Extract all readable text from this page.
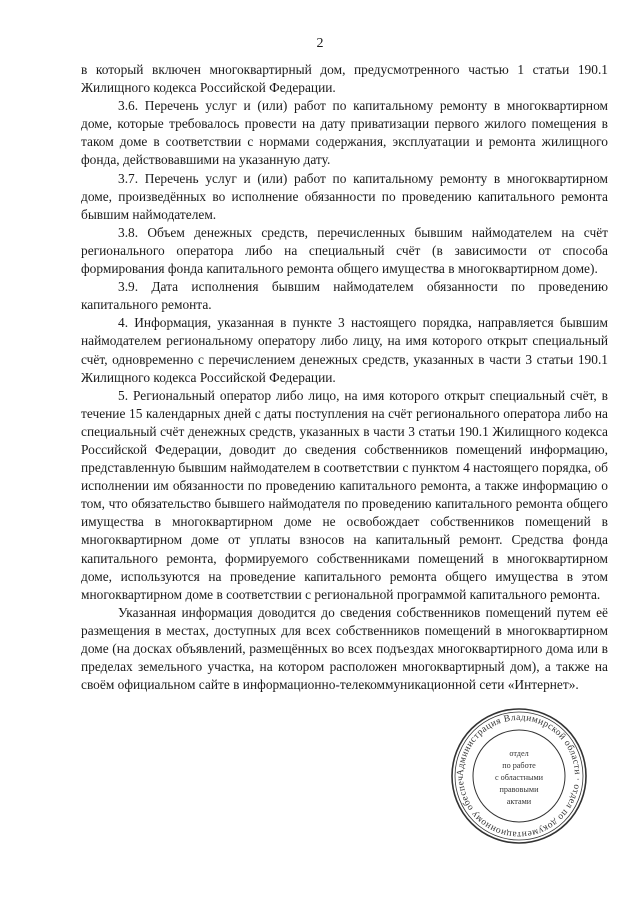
2

в который включен многоквартирный дом, предусмотренного частью 1 статьи 190.1 Жилищного кодекса Российской Федерации.

3.6. Перечень услуг и (или) работ по капитальному ремонту в многоквартирном доме, которые требовалось провести на дату приватизации первого жилого помещения в таком доме в соответствии с нормами содержания, эксплуатации и ремонта жилищного фонда, действовавшими на указанную дату.

3.7. Перечень услуг и (или) работ по капитальному ремонту в многоквартирном доме, произведённых во исполнение обязанности по проведению капитального ремонта бывшим наймодателем.

3.8. Объем денежных средств, перечисленных бывшим наймодателем на счёт регионального оператора либо на специальный счёт (в зависимости от способа формирования фонда капитального ремонта общего имущества в многоквартирном доме).

3.9. Дата исполнения бывшим наймодателем обязанности по проведению капитального ремонта.

4. Информация, указанная в пункте 3 настоящего порядка, направляется бывшим наймодателем региональному оператору либо лицу, на имя которого открыт специальный счёт, одновременно с перечислением денежных средств, указанных в части 3 статьи 190.1 Жилищного кодекса Российской Федерации.

5. Региональный оператор либо лицо, на имя которого открыт специальный счёт, в течение 15 календарных дней с даты поступления на счёт регионального оператора либо на специальный счёт денежных средств, указанных в части 3 статьи 190.1 Жилищного кодекса Российской Федерации, доводит до сведения собственников помещений информацию, представленную бывшим наймодателем в соответствии с пунктом 4 настоящего порядка, об исполнении им обязанности по проведению капитального ремонта, а также информацию о том, что обязательство бывшего наймодателя по проведению капитального ремонта общего имущества в многоквартирном доме не освобождает собственников помещений в многоквартирном доме от уплаты взносов на капитальный ремонт. Средства фонда капитального ремонта, формируемого собственниками помещений в многоквартирном доме, используются на проведение капитального ремонта общего имущества в этом многоквартирном доме в соответствии с региональной программой капитального ремонта.

Указанная информация доводится до сведения собственников помещений путем её размещения в местах, доступных для всех собственников помещений в многоквартирном доме (на досках объявлений, размещённых во всех подъездах многоквартирного дома или в пределах земельного участка, на котором расположен многоквартирный дом), а также на своём официальном сайте в информационно-телекоммуникационной сети «Интернет».

Администрация Владимирской области · отдел по документационному обеспеч
отдел
по работе
с областными
правовыми
актами
